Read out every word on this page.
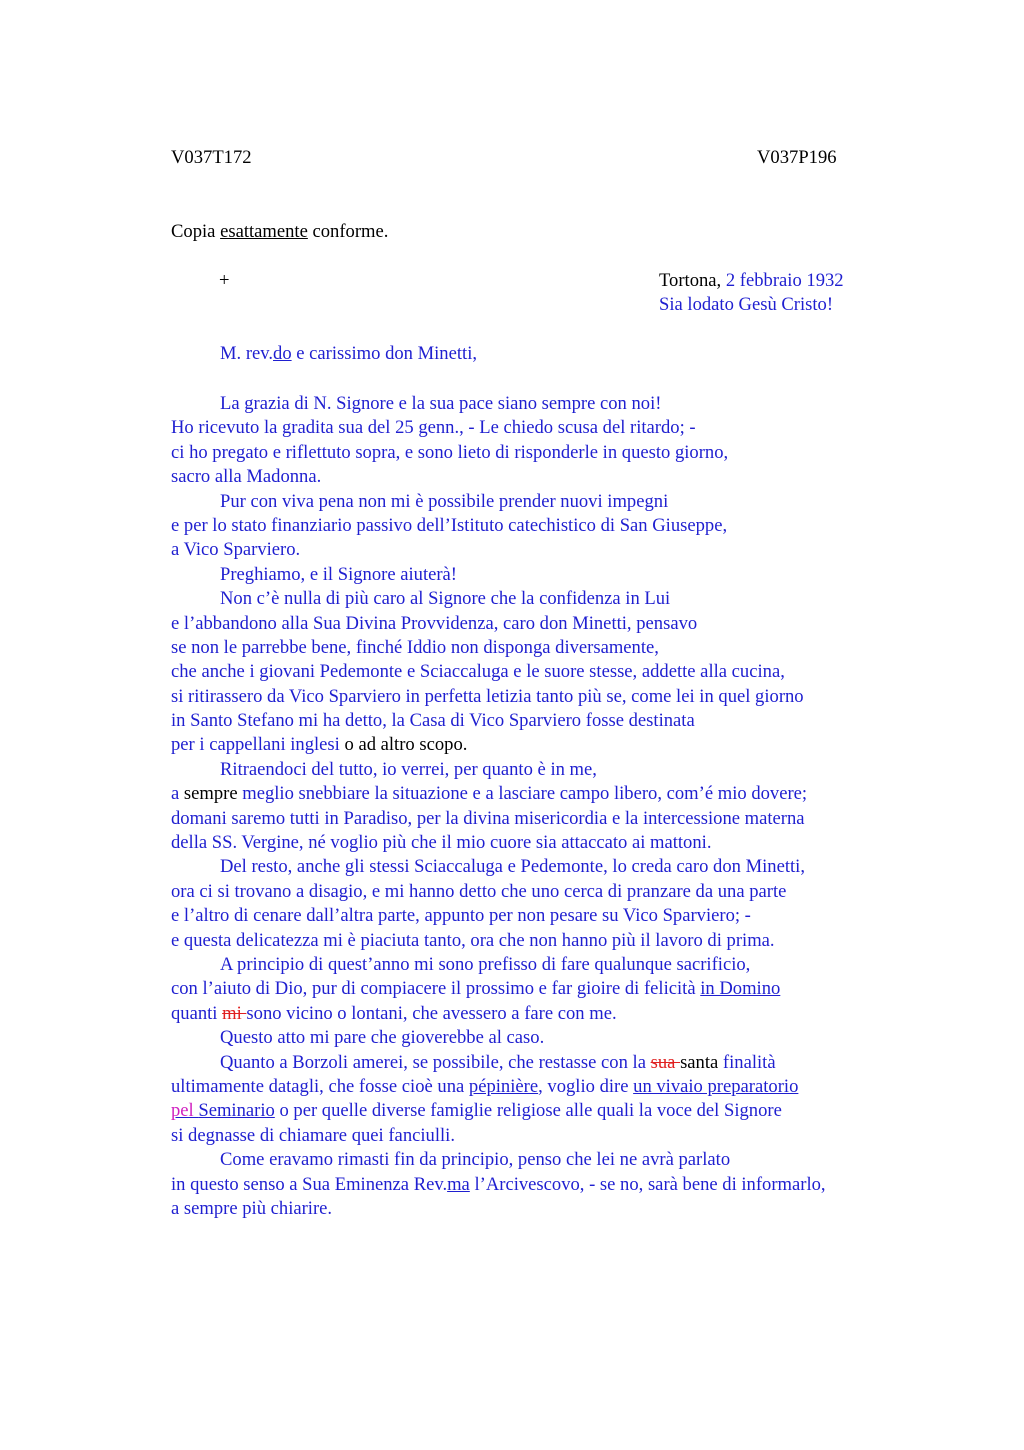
V037T172	V037P196
Copia esattamente conforme.
+	Tortona, 2 febbraio 1932
Sia lodato Gesù Cristo!
M. rev.do e carissimo don Minetti,
La grazia di N. Signore e la sua pace siano sempre con noi!
Ho ricevuto la gradita sua del 25 genn., - Le chiedo scusa del ritardo; -
ci ho pregato e riflettuto sopra, e sono lieto di risponderle in questo giorno,
sacro alla Madonna.
Pur con viva pena non mi è possibile prender nuovi impegni
e per lo stato finanziario passivo dell’Istituto catechistico di San Giuseppe,
a Vico Sparviero.
Preghiamo, e il Signore aiuterà!
Non c’è nulla di più caro al Signore che la confidenza in Lui
e l’abbandono alla Sua Divina Provvidenza, caro don Minetti, pensavo
se non le parrebbe bene, finché Iddio non disponga diversamente,
che anche i giovani Pedemonte e Sciaccaluga e le suore stesse, addette alla cucina,
si ritirassero da Vico Sparviero in perfetta letizia tanto più se, come lei in quel giorno
in Santo Stefano mi ha detto, la Casa di Vico Sparviero fosse destinata
per i cappellani inglesi o ad altro scopo.
Ritraendoci del tutto, io verrei, per quanto è in me,
a sempre meglio snebbiare la situazione e a lasciare campo libero, com’é mio dovere;
domani saremo tutti in Paradiso, per la divina misericordia e la intercessione materna
della SS. Vergine, né voglio più che il mio cuore sia attaccato ai mattoni.
Del resto, anche gli stessi Sciaccaluga e Pedemonte, lo creda caro don Minetti,
ora ci si trovano a disagio, e mi hanno detto che uno cerca di pranzare da una parte
e l’altro di cenare dall’altra parte, appunto per non pesare su Vico Sparviero; -
e questa delicatezza mi è piaciuta tanto, ora che non hanno più il lavoro di prima.
A principio di quest’anno mi sono prefisso di fare qualunque sacrificio,
con l’aiuto di Dio, pur di compiacere il prossimo e far gioire di felicità in Domino
quanti mi sono vicino o lontani, che avessero a fare con me.
Questo atto mi pare che gioverebbe al caso.
Quanto a Borzoli amerei, se possibile, che restasse con la sua santa finalità
ultimamente datagli, che fosse cioè una pépinière, voglio dire un vivaio preparatorio
pel Seminario o per quelle diverse famiglie religiose alle quali la voce del Signore
si degnasse di chiamare quei fanciulli.
Come eravamo rimasti fin da principio, penso che lei ne avrà parlato
in questo senso a Sua Eminenza Rev.ma l’Arcivescovo, - se no, sarà bene di informarlo,
a sempre più chiarire.
